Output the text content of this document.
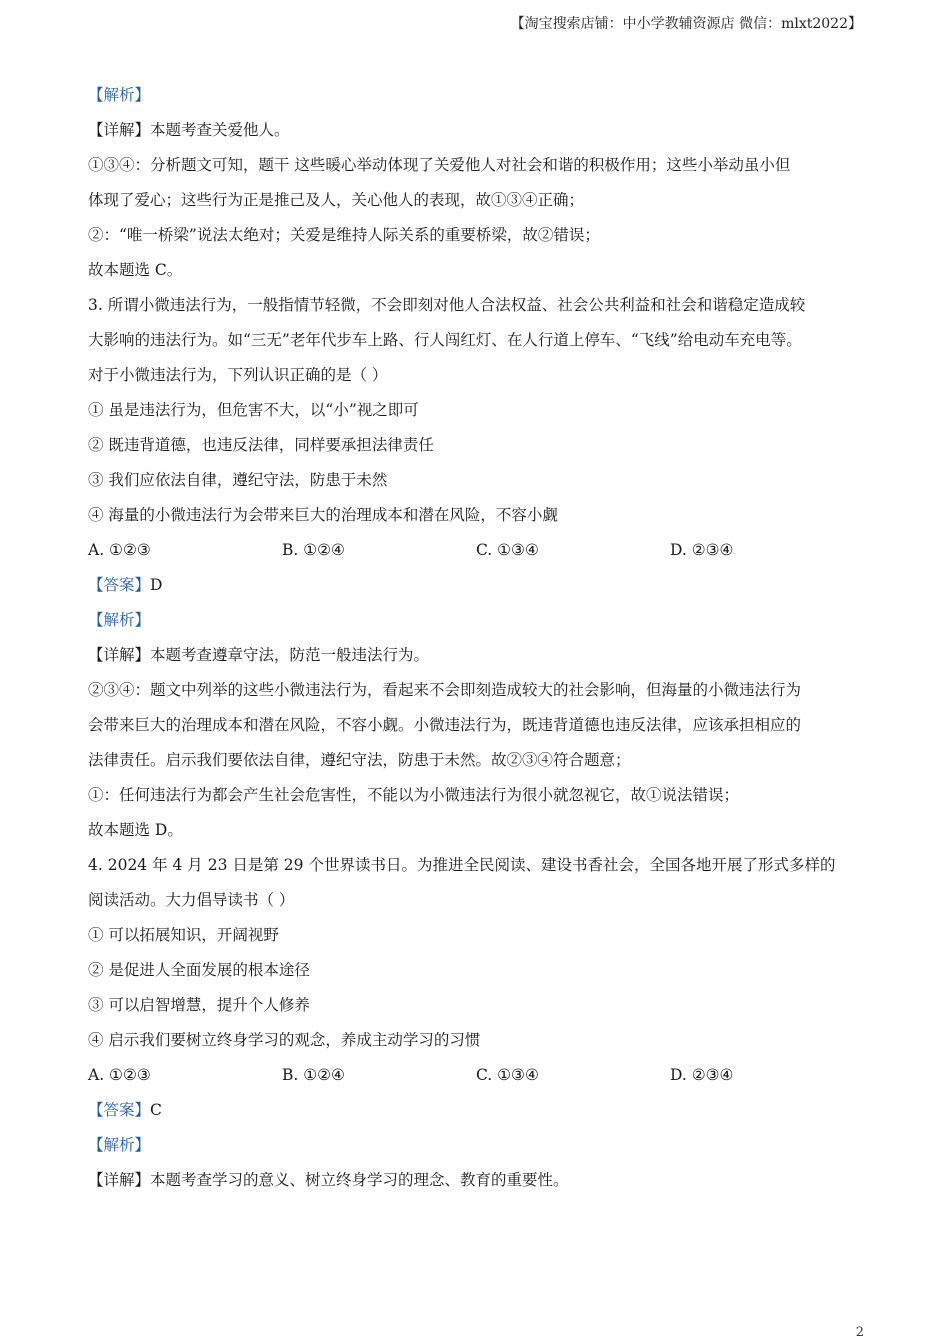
【淘宝搜索店铺：中小学教辅资源店 微信：mlxt2022】
【解析】
【详解】本题考查关爱他人。
①③④：分析题文可知，题干 这些暖心举动体现了关爱他人对社会和谐的积极作用；这些小举动虽小但
体现了爱心；这些行为正是推己及人，关心他人的表现，故①③④正确；
②：“唯一桥梁”说法太绝对；关爱是维持人际关系的重要桥梁，故②错误；
故本题选 C。
3. 所谓小微违法行为，一般指情节轻微，不会即刻对他人合法权益、社会公共利益和社会和谐稳定造成较
大影响的违法行为。如“三无”老年代步车上路、行人闯红灯、在人行道上停车、“飞线”给电动车充电等。
对于小微违法行为，下列认识正确的是（ ）
① 虽是违法行为，但危害不大，以“小”视之即可
② 既违背道德，也违反法律，同样要承担法律责任
③ 我们应依法自律，遵纪守法，防患于未然
④ 海量的小微违法行为会带来巨大的治理成本和潜在风险，不容小觑
A. ①②③	B. ①②④	C. ①③④	D. ②③④
【答案】D
【解析】
【详解】本题考查遵章守法，防范一般违法行为。
②③④：题文中列举的这些小微违法行为，看起来不会即刻造成较大的社会影响，但海量的小微违法行为
会带来巨大的治理成本和潜在风险，不容小觑。小微违法行为，既违背道德也违反法律，应该承担相应的
法律责任。启示我们要依法自律，遵纪守法，防患于未然。故②③④符合题意；
①：任何违法行为都会产生社会危害性，不能以为小微违法行为很小就忽视它，故①说法错误；
故本题选 D。
4. 2024 年 4 月 23 日是第 29 个世界读书日。为推进全民阅读、建设书香社会，全国各地开展了形式多样的
阅读活动。大力倡导读书（ ）
① 可以拓展知识，开阔视野
② 是促进人全面发展的根本途径
③ 可以启智增慧，提升个人修养
④ 启示我们要树立终身学习的观念，养成主动学习的习惯
A. ①②③	B. ①②④	C. ①③④	D. ②③④
【答案】C
【解析】
【详解】本题考查学习的意义、树立终身学习的理念、教育的重要性。
2
